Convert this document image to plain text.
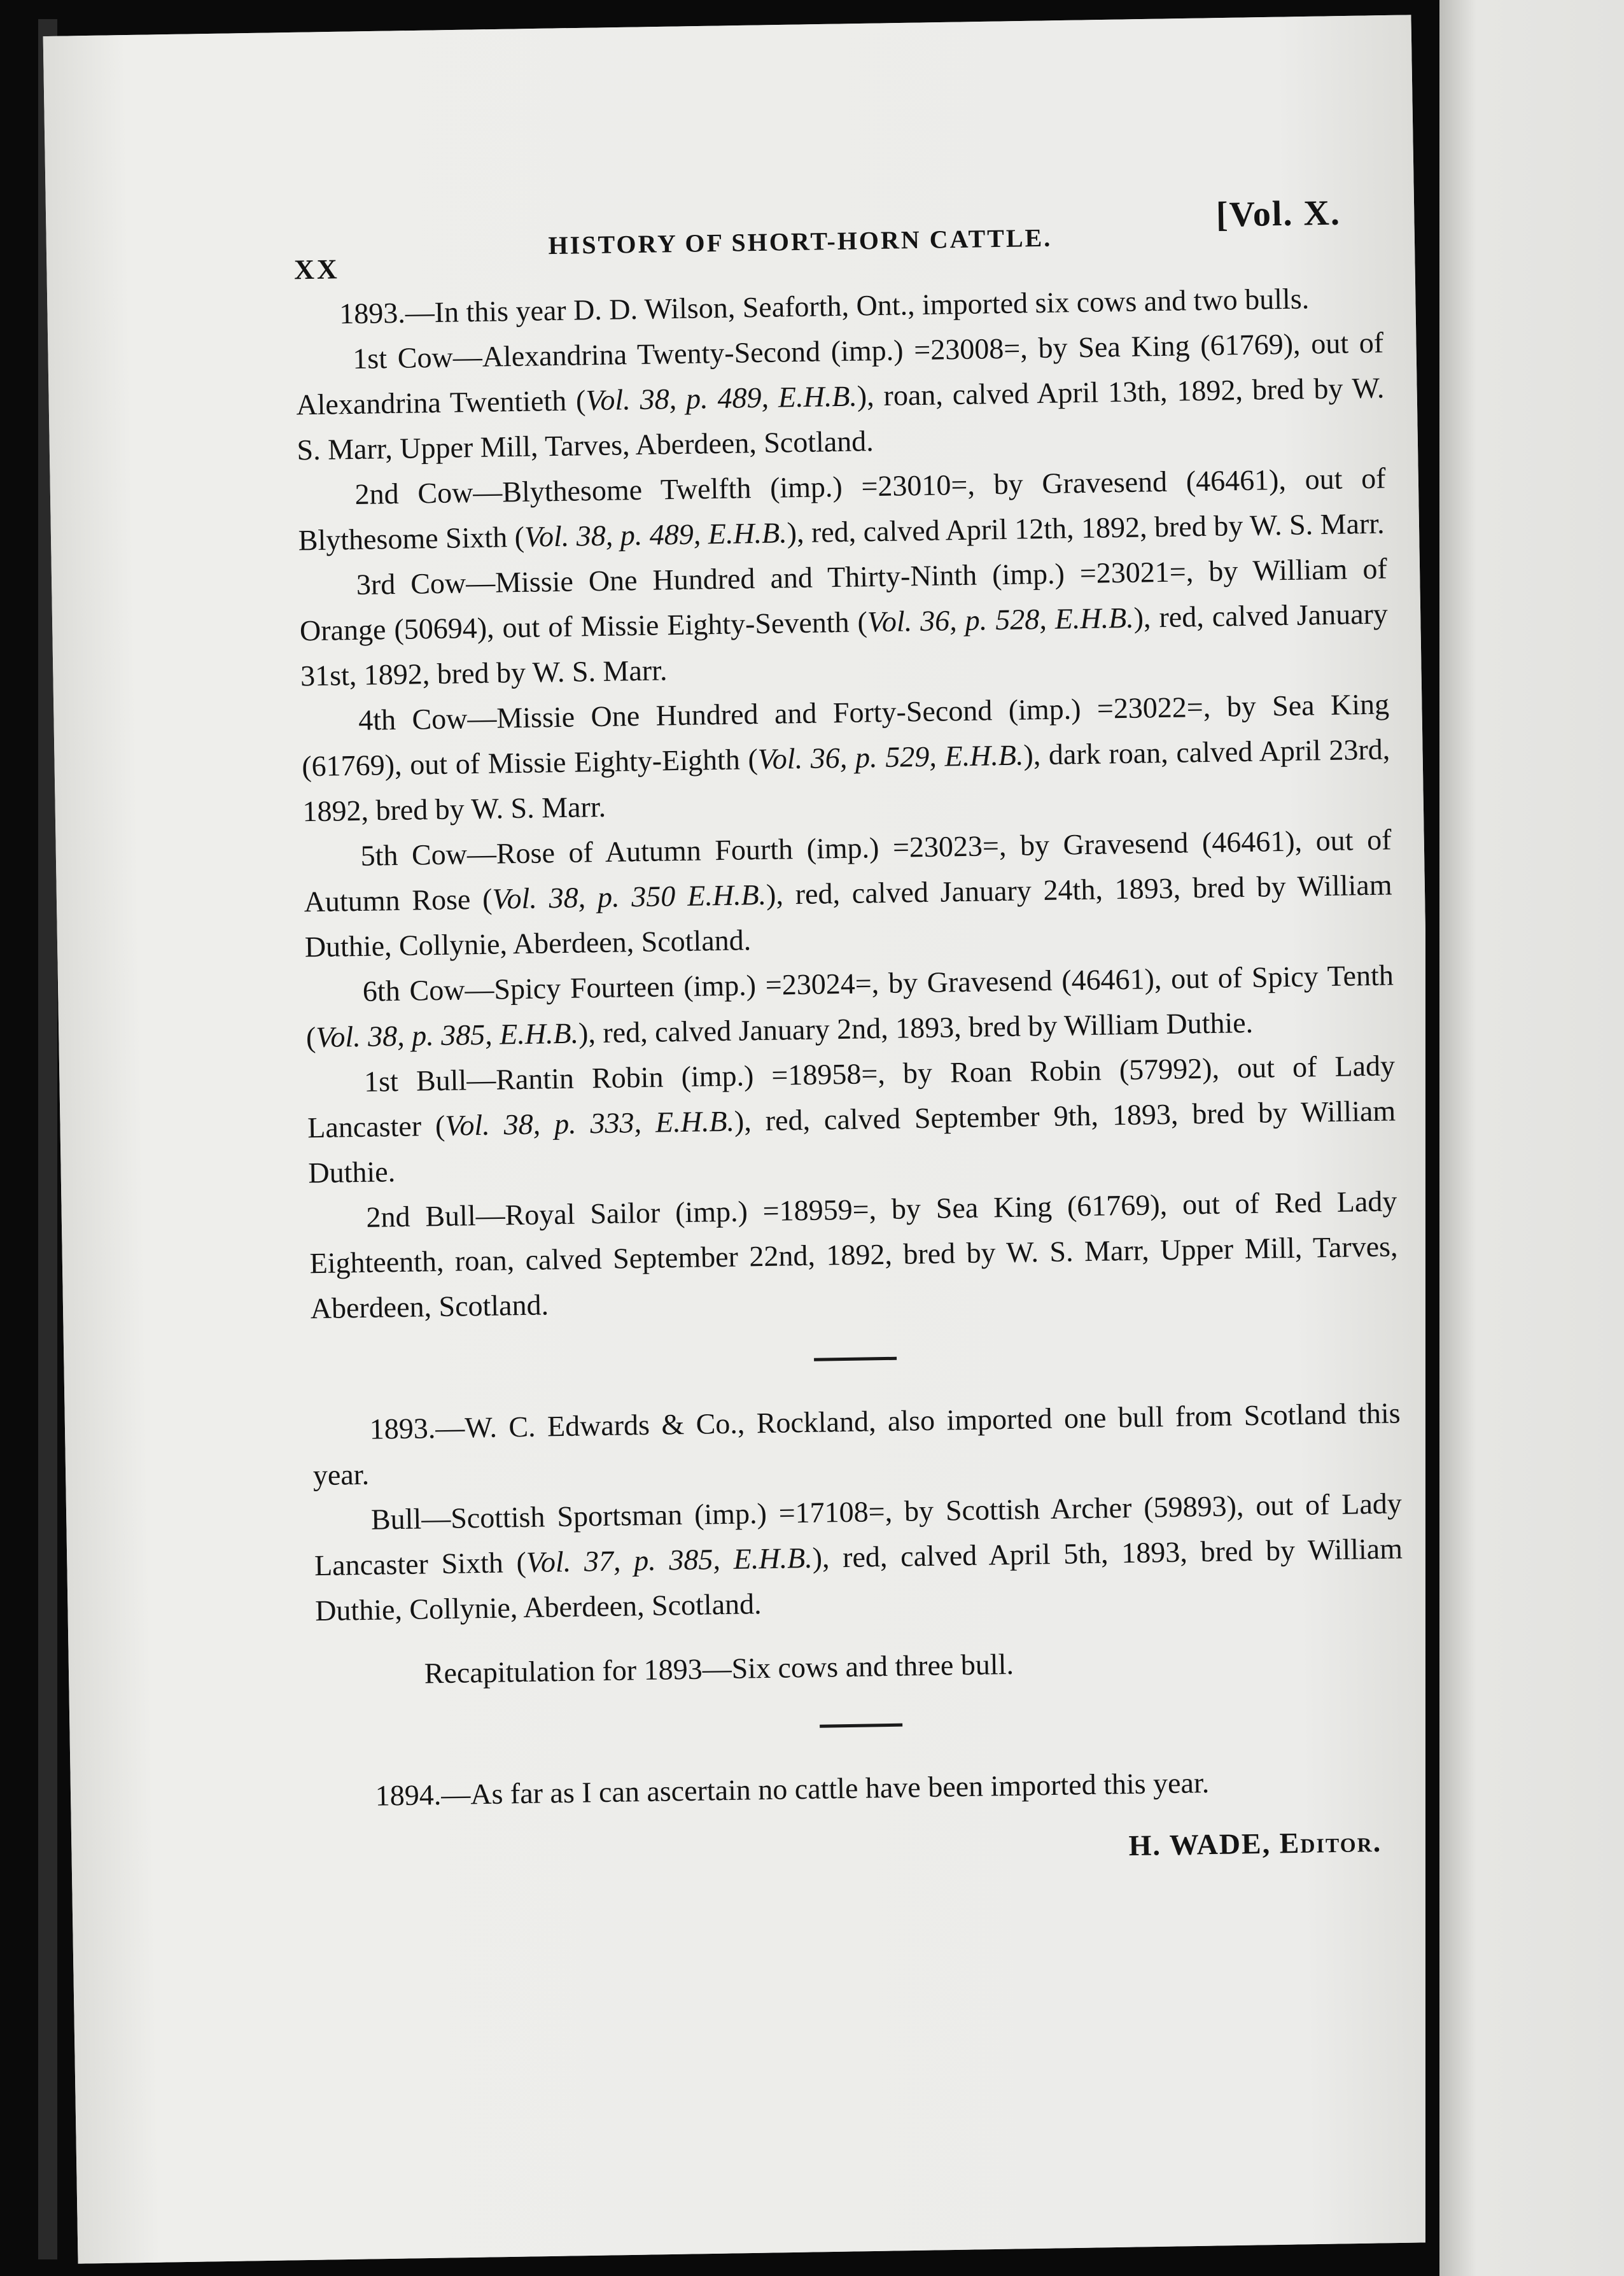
XX
HISTORY OF SHORT-HORN CATTLE.
[Vol. X.

1893.—In this year D. D. Wilson, Seaforth, Ont., imported six cows and two bulls.

1st Cow—Alexandrina Twenty-Second (imp.) =23008=, by Sea King (61769), out of Alexandrina Twentieth (Vol. 38, p. 489, E.H.B.), roan, calved April 13th, 1892, bred by W. S. Marr, Upper Mill, Tarves, Aberdeen, Scotland.

2nd Cow—Blythesome Twelfth (imp.) =23010=, by Gravesend (46461), out of Blythesome Sixth (Vol. 38, p. 489, E.H.B.), red, calved April 12th, 1892, bred by W. S. Marr.

3rd Cow—Missie One Hundred and Thirty-Ninth (imp.) =23021=, by William of Orange (50694), out of Missie Eighty-Seventh (Vol. 36, p. 528, E.H.B.), red, calved January 31st, 1892, bred by W. S. Marr.

4th Cow—Missie One Hundred and Forty-Second (imp.) =23022=, by Sea King (61769), out of Missie Eighty-Eighth (Vol. 36, p. 529, E.H.B.), dark roan, calved April 23rd, 1892, bred by W. S. Marr.

5th Cow—Rose of Autumn Fourth (imp.) =23023=, by Gravesend (46461), out of Autumn Rose (Vol. 38, p. 350 E.H.B.), red, calved January 24th, 1893, bred by William Duthie, Collynie, Aberdeen, Scotland.

6th Cow—Spicy Fourteen (imp.) =23024=, by Gravesend (46461), out of Spicy Tenth (Vol. 38, p. 385, E.H.B.), red, calved January 2nd, 1893, bred by William Duthie.

1st Bull—Rantin Robin (imp.) =18958=, by Roan Robin (57992), out of Lady Lancaster (Vol. 38, p. 333, E.H.B.), red, calved September 9th, 1893, bred by William Duthie.

2nd Bull—Royal Sailor (imp.) =18959=, by Sea King (61769), out of Red Lady Eighteenth, roan, calved September 22nd, 1892, bred by W. S. Marr, Upper Mill, Tarves, Aberdeen, Scotland.

1893.—W. C. Edwards & Co., Rockland, also imported one bull from Scotland this year.

Bull—Scottish Sportsman (imp.) =17108=, by Scottish Archer (59893), out of Lady Lancaster Sixth (Vol. 37, p. 385, E.H.B.), red, calved April 5th, 1893, bred by William Duthie, Collynie, Aberdeen, Scotland.

Recapitulation for 1893—Six cows and three bull.

1894.—As far as I can ascertain no cattle have been imported this year.

H. WADE, Editor.
